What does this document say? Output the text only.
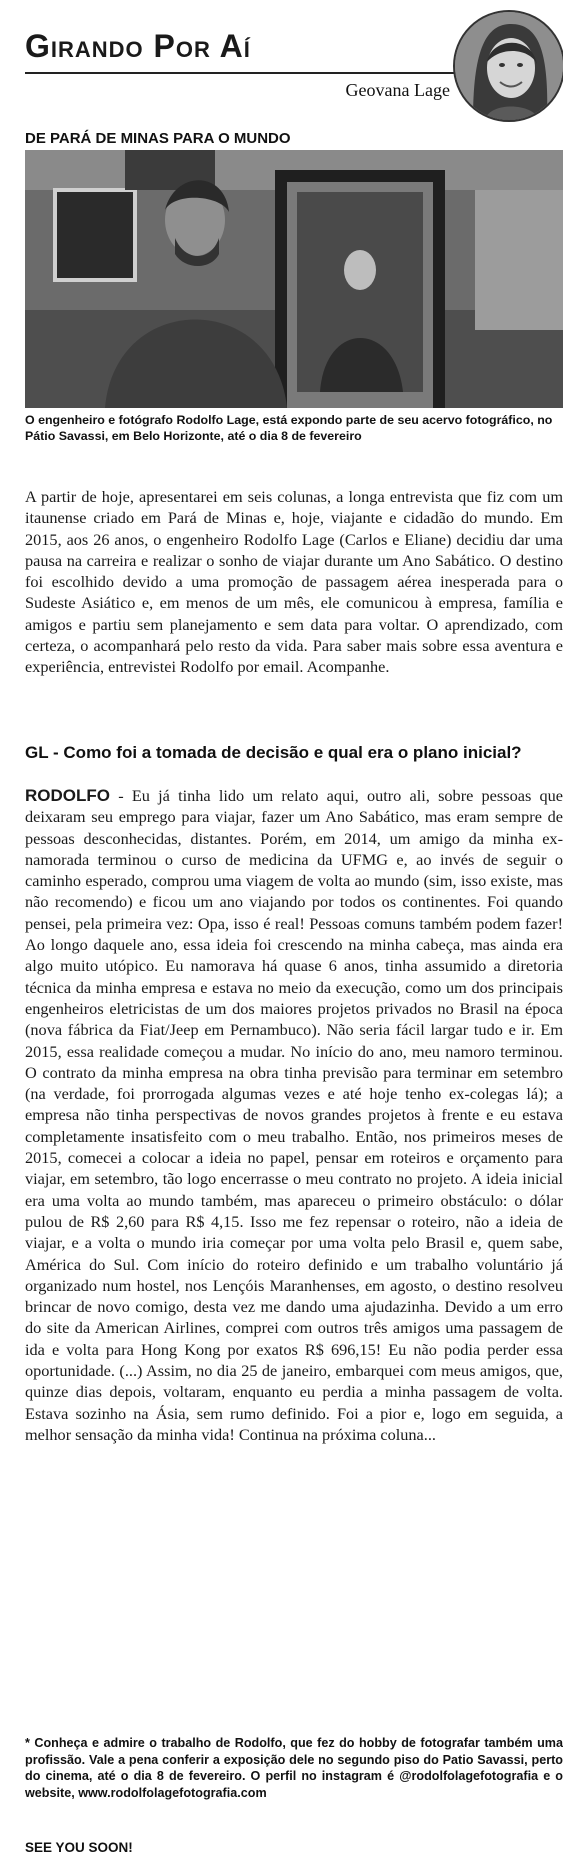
Girando Por Aí
Geovana Lage
DE PARÁ DE MINAS PARA O MUNDO
O engenheiro e fotógrafo Rodolfo Lage, está expondo parte de seu acervo fotográfico, no Pátio Savassi, em Belo Horizonte, até o dia 8 de fevereiro
A partir de hoje, apresentarei em seis colunas, a longa entrevista que fiz com um itaunense criado em Pará de Minas e, hoje, viajante e cidadão do mundo. Em 2015, aos 26 anos, o engenheiro Rodolfo Lage (Carlos e Eliane) decidiu dar uma pausa na carreira e realizar o sonho de viajar durante um Ano Sabático. O destino foi escolhido devido a uma promoção de passagem aérea inesperada para o Sudeste Asiático e, em menos de um mês, ele comunicou à empresa, família e amigos e partiu sem planejamento e sem data para voltar. O aprendizado, com certeza, o acompanhará pelo resto da vida. Para saber mais sobre essa aventura e experiência, entrevistei Rodolfo por email. Acompanhe.
GL - Como foi a tomada de decisão e qual era o plano inicial?
RODOLFO - Eu já tinha lido um relato aqui, outro ali, sobre pessoas que deixaram seu emprego para viajar, fazer um Ano Sabático, mas eram sempre de pessoas desconhecidas, distantes. Porém, em 2014, um amigo da minha ex-namorada terminou o curso de medicina da UFMG e, ao invés de seguir o caminho esperado, comprou uma viagem de volta ao mundo (sim, isso existe, mas não recomendo) e ficou um ano viajando por todos os continentes. Foi quando pensei, pela primeira vez: Opa, isso é real! Pessoas comuns também podem fazer! Ao longo daquele ano, essa ideia foi crescendo na minha cabeça, mas ainda era algo muito utópico. Eu namorava há quase 6 anos, tinha assumido a diretoria técnica da minha empresa e estava no meio da execução, como um dos principais engenheiros eletricistas de um dos maiores projetos privados no Brasil na época (nova fábrica da Fiat/Jeep em Pernambuco). Não seria fácil largar tudo e ir. Em 2015, essa realidade começou a mudar. No início do ano, meu namoro terminou. O contrato da minha empresa na obra tinha previsão para terminar em setembro (na verdade, foi prorrogada algumas vezes e até hoje tenho ex-colegas lá); a empresa não tinha perspectivas de novos grandes projetos à frente e eu estava completamente insatisfeito com o meu trabalho. Então, nos primeiros meses de 2015, comecei a colocar a ideia no papel, pensar em roteiros e orçamento para viajar, em setembro, tão logo encerrasse o meu contrato no projeto. A ideia inicial era uma volta ao mundo também, mas apareceu o primeiro obstáculo: o dólar pulou de R$ 2,60 para R$ 4,15. Isso me fez repensar o roteiro, não a ideia de viajar, e a volta o mundo iria começar por uma volta pelo Brasil e, quem sabe, América do Sul. Com início do roteiro definido e um trabalho voluntário já organizado num hostel, nos Lençóis Maranhenses, em agosto, o destino resolveu brincar de novo comigo, desta vez me dando uma ajudazinha. Devido a um erro do site da American Airlines, comprei com outros três amigos uma passagem de ida e volta para Hong Kong por exatos R$ 696,15! Eu não podia perder essa oportunidade. (...) Assim, no dia 25 de janeiro, embarquei com meus amigos, que, quinze dias depois, voltaram, enquanto eu perdia a minha passagem de volta. Estava sozinho na Ásia, sem rumo definido. Foi a pior e, logo em seguida, a melhor sensação da minha vida! Continua na próxima coluna...
* Conheça e admire o trabalho de Rodolfo, que fez do hobby de fotografar também uma profissão. Vale a pena conferir a exposição dele no segundo piso do Patio Savassi, perto do cinema, até o dia 8 de fevereiro. O perfil no instagram é @rodolfolagefotografia e o website, www.rodolfolagefotografia.com
SEE YOU SOON!
